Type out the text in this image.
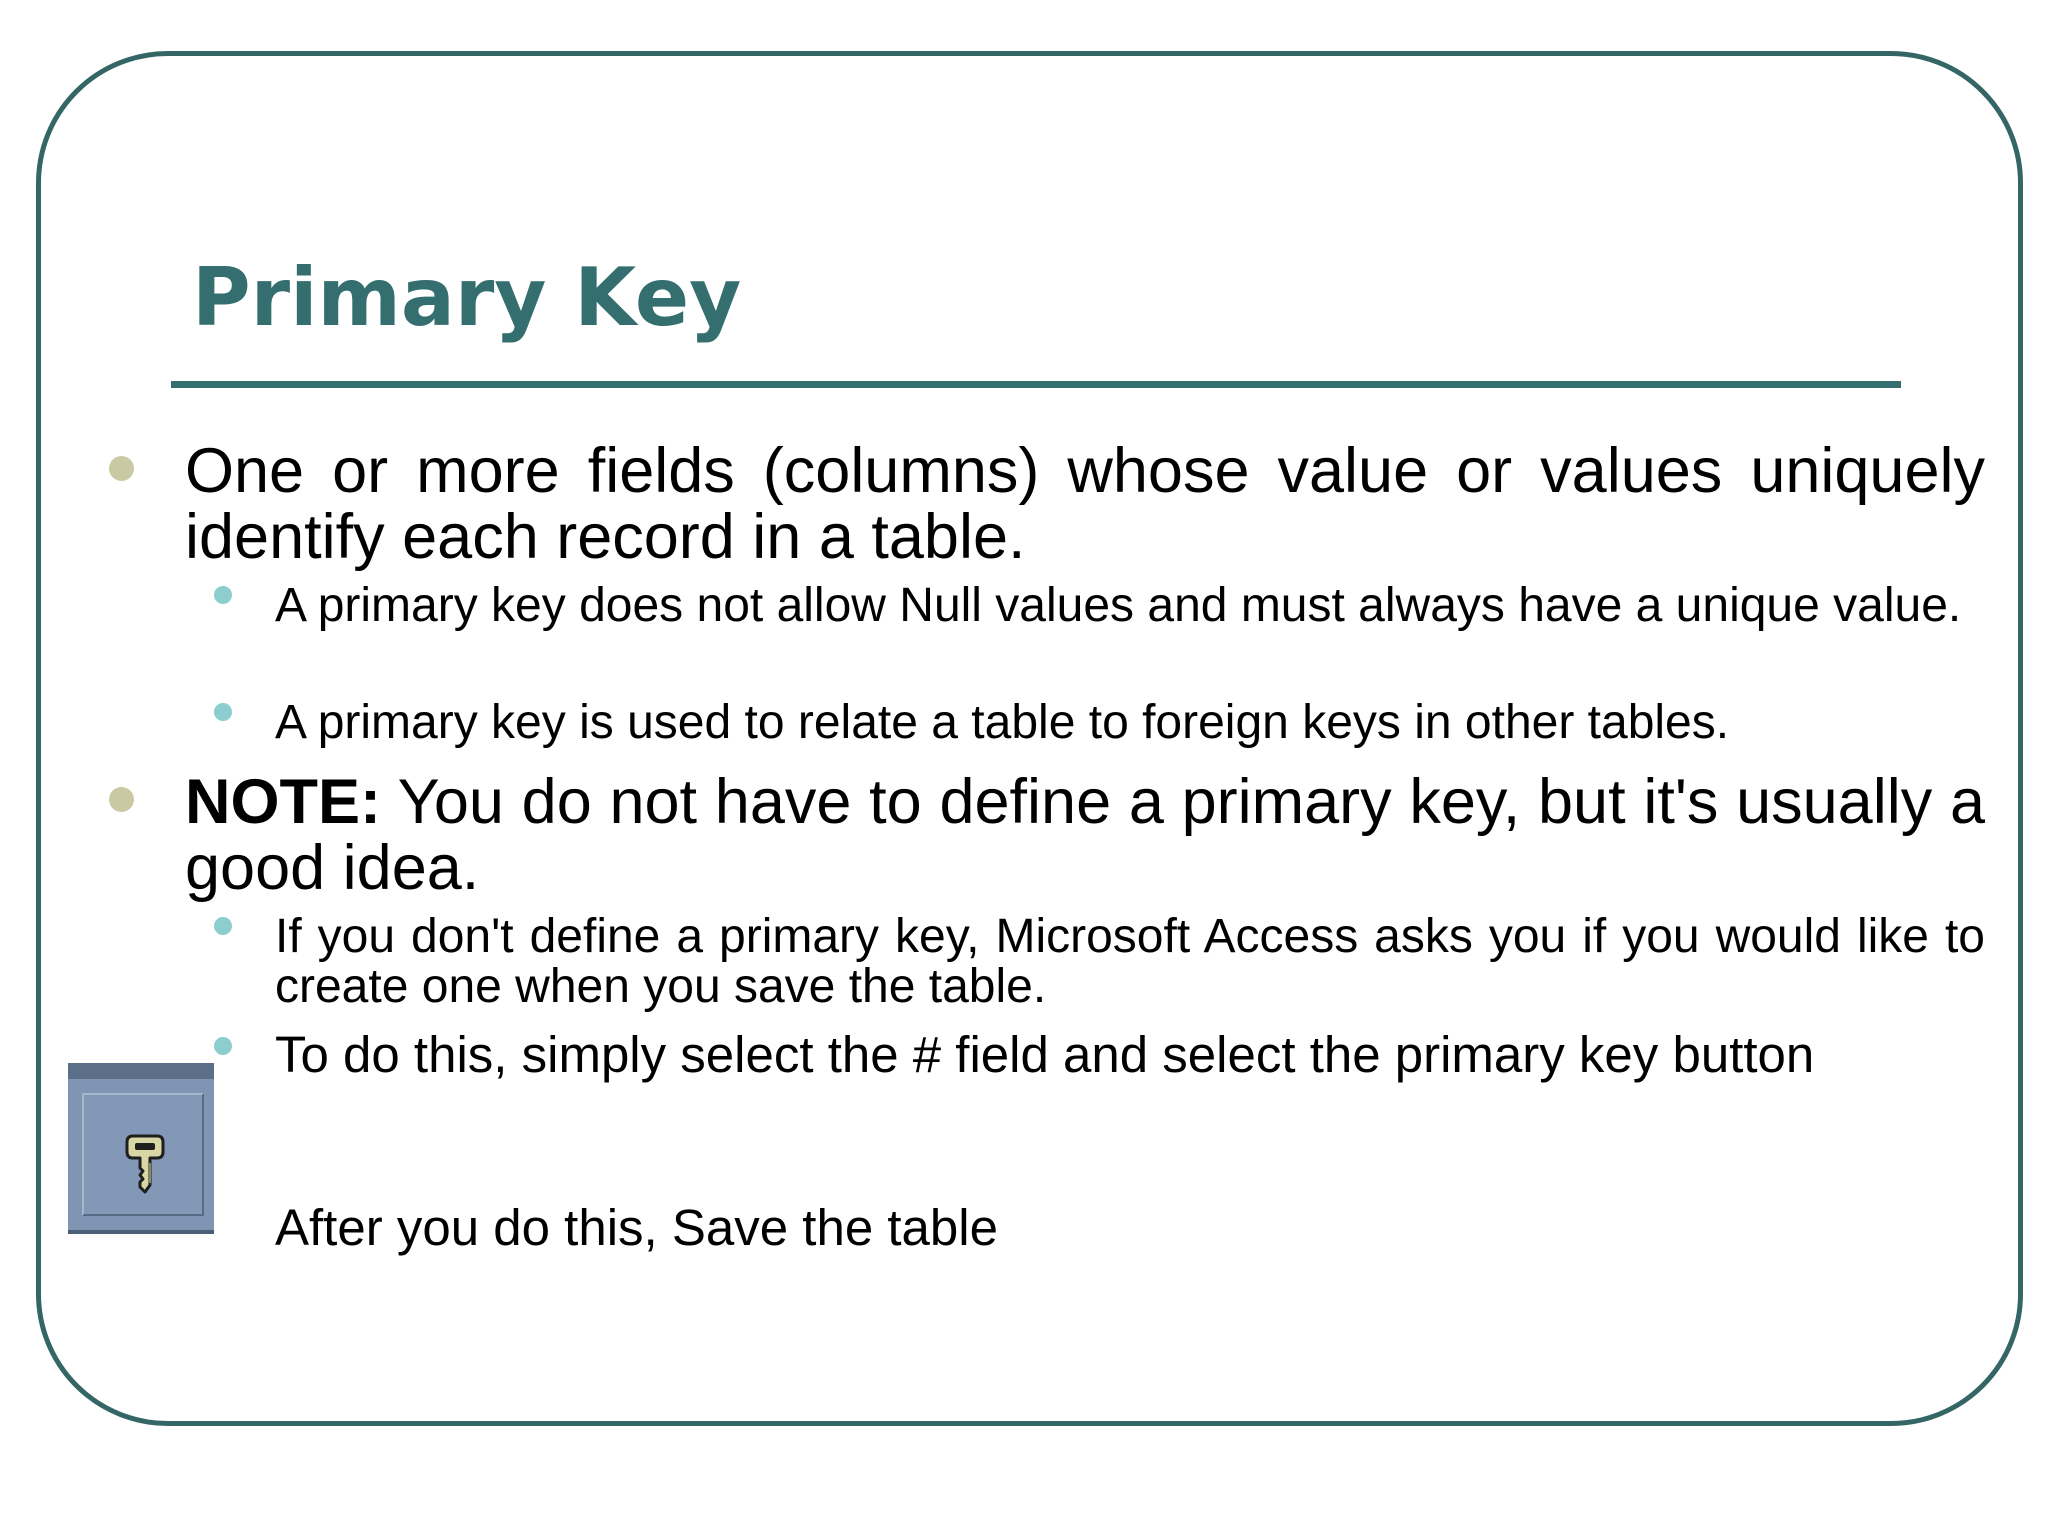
Primary Key
One or more fields (columns) whose value or values uniquely identify each record in a table.
A primary key does not allow Null values and must always have a unique value.
A primary key is used to relate a table to foreign keys in other tables.
NOTE: You do not have to define a primary key, but it's usually a good idea.
If you don't define a primary key, Microsoft Access asks you if you would like to create one when you save the table.
To do this, simply select the # field and select the primary key button
After you do this, Save the table
